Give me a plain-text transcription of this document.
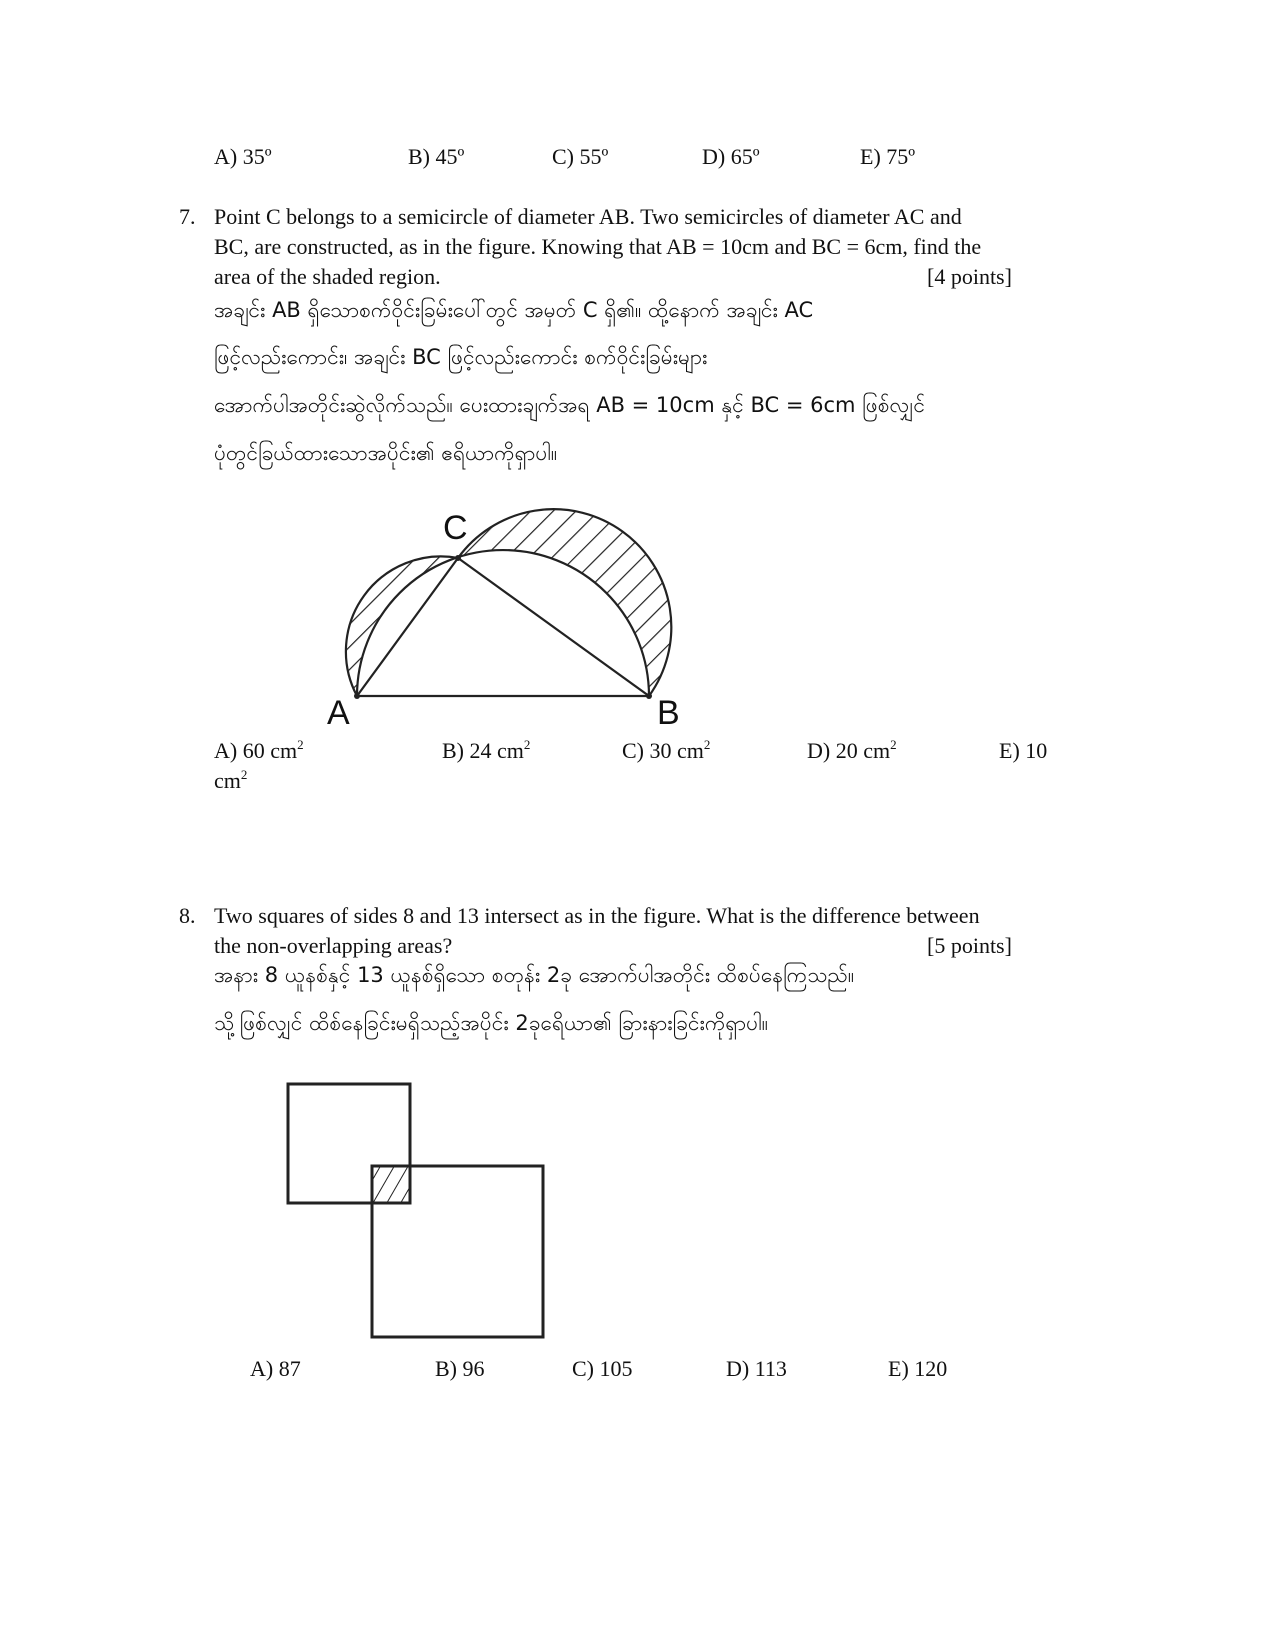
A) 35º	B) 45º	C) 55º	D) 65º	E) 75º
7. Point C belongs to a semicircle of diameter AB. Two semicircles of diameter AC and
BC, are constructed, as in the figure. Knowing that AB = 10cm and BC = 6cm, find the
area of the shaded region.	[4 points]
အချင်း AB ရှိသောစက်ဝိုင်းခြမ်းပေါ်တွင် အမှတ် C ရှိ၏။ ထို့နောက် အချင်း AC
ဖြင့်လည်းကောင်း၊ အချင်း BC ဖြင့်လည်းကောင်း စက်ဝိုင်းခြမ်းများ
အောက်ပါအတိုင်းဆွဲလိုက်သည်။ ပေးထားချက်အရ AB = 10cm နှင့် BC = 6cm ဖြစ်လျှင်
ပုံတွင်ခြယ်ထားသောအပိုင်း၏ ဧရိယာကိုရှာပါ။
A	B
C
A) 60 $cm^2$	B) 24 $cm^2$	C) 30 $cm^2$	D) 20 $cm^2$	E) 10
$cm^2$
8. Two squares of sides 8 and 13 intersect as in the figure. What is the difference between
the non-overlapping areas?	[5 points]
အနား 8 ယူနစ်နှင့် 13 ယူနစ်ရှိသော စတုန်း 2ခု အောက်ပါအတိုင်း ထိစပ်နေကြသည်။
သို့ဖြစ်လျှင် ထိစ်နေခြင်းမရှိသည့်အပိုင်း 2ခုရေိယာ၏ ခြားနားခြင်းကိုရှာပါ။
A) 87	B) 96	C) 105	D) 113	E) 120
